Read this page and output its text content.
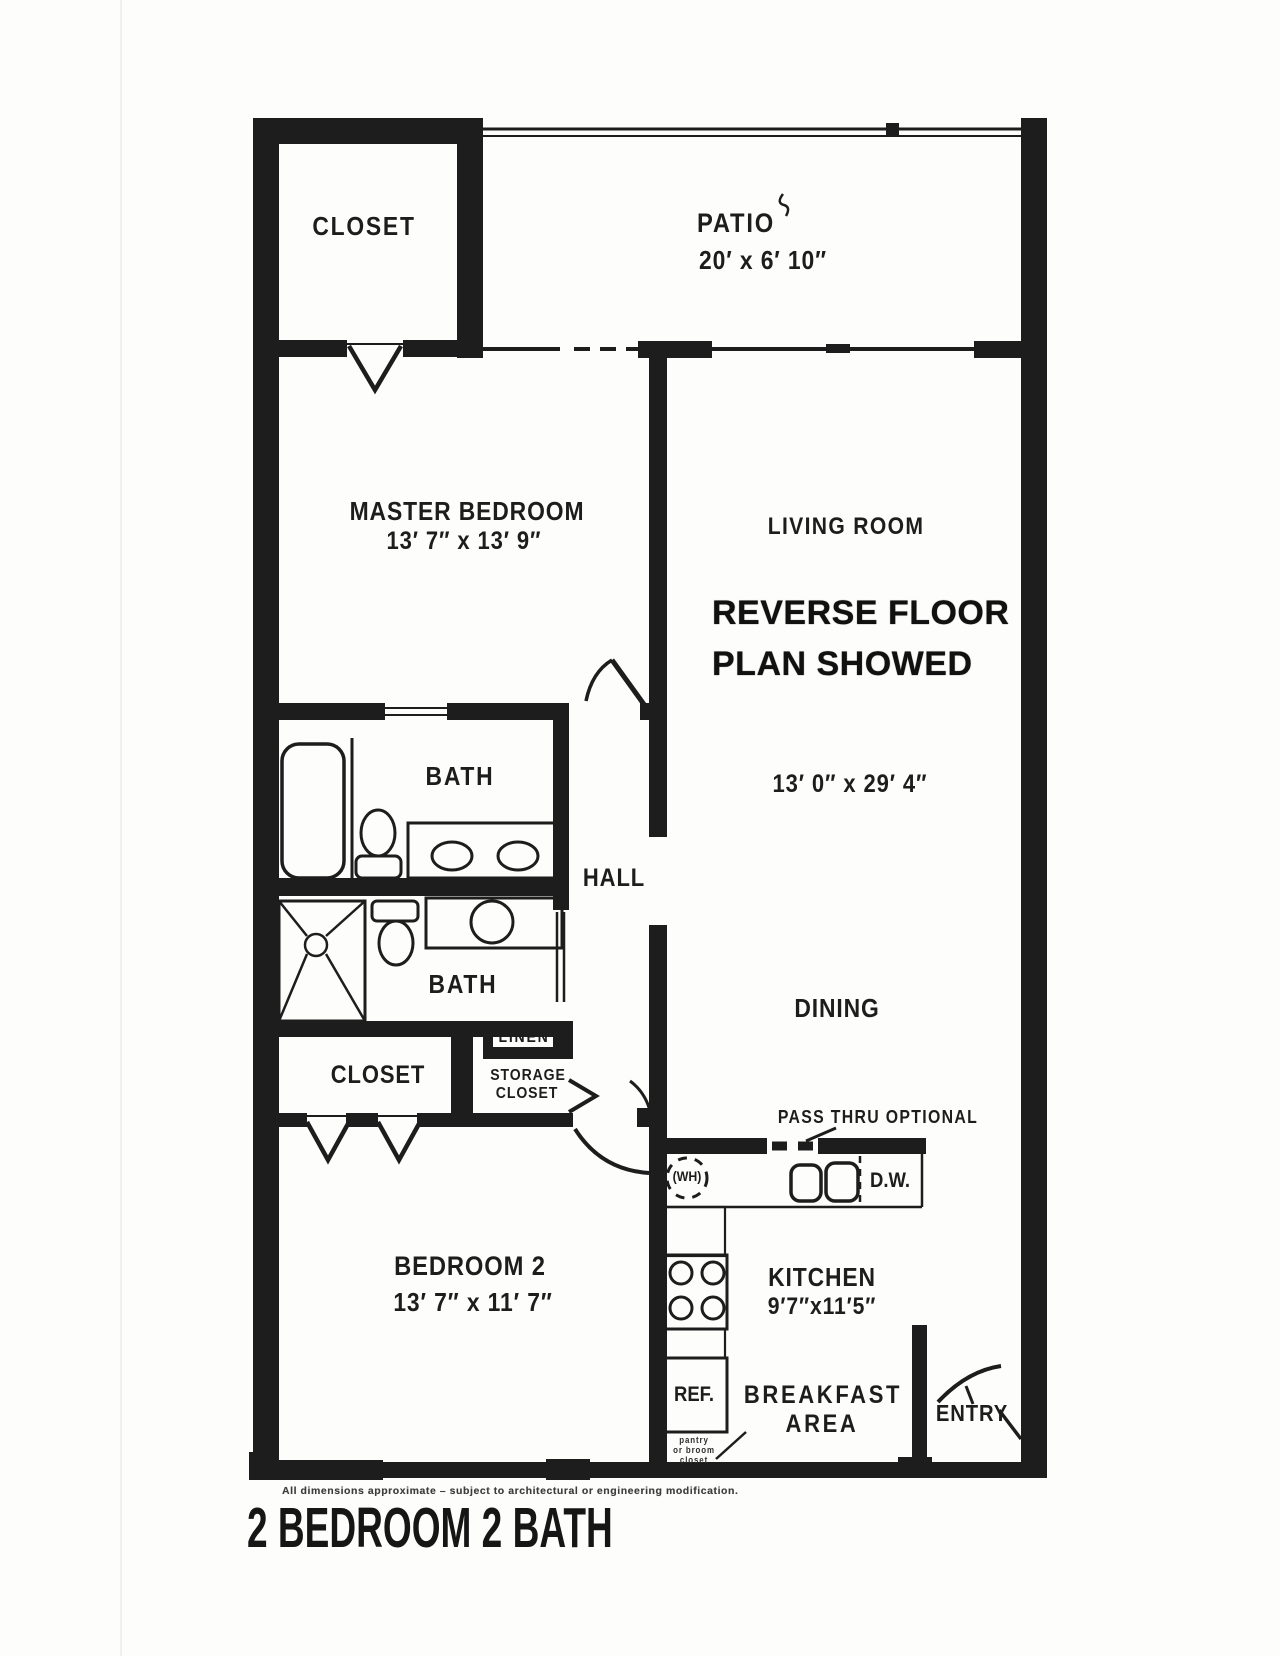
CLOSET	PATIO
20′ x 6′ 10″
MASTER BEDROOM
13′ 7″ x 13′ 9″
LIVING ROOM
REVERSE FLOOR
PLAN SHOWED
13′ 0″ x 29′ 4″
BATH
HALL
BATH
DINING
LINEN
CLOSET	STORAGE
CLOSET
PASS THRU OPTIONAL
(WH)	D.W.
BEDROOM 2
13′ 7″ x 11′ 7″
KITCHEN
9′7″x11′5″
REF.
pantry
or broom
closet
BREAKFAST
AREA	ENTRY
All dimensions approximate – subject to architectural or engineering modification.
2 BEDROOM 2 BATH
